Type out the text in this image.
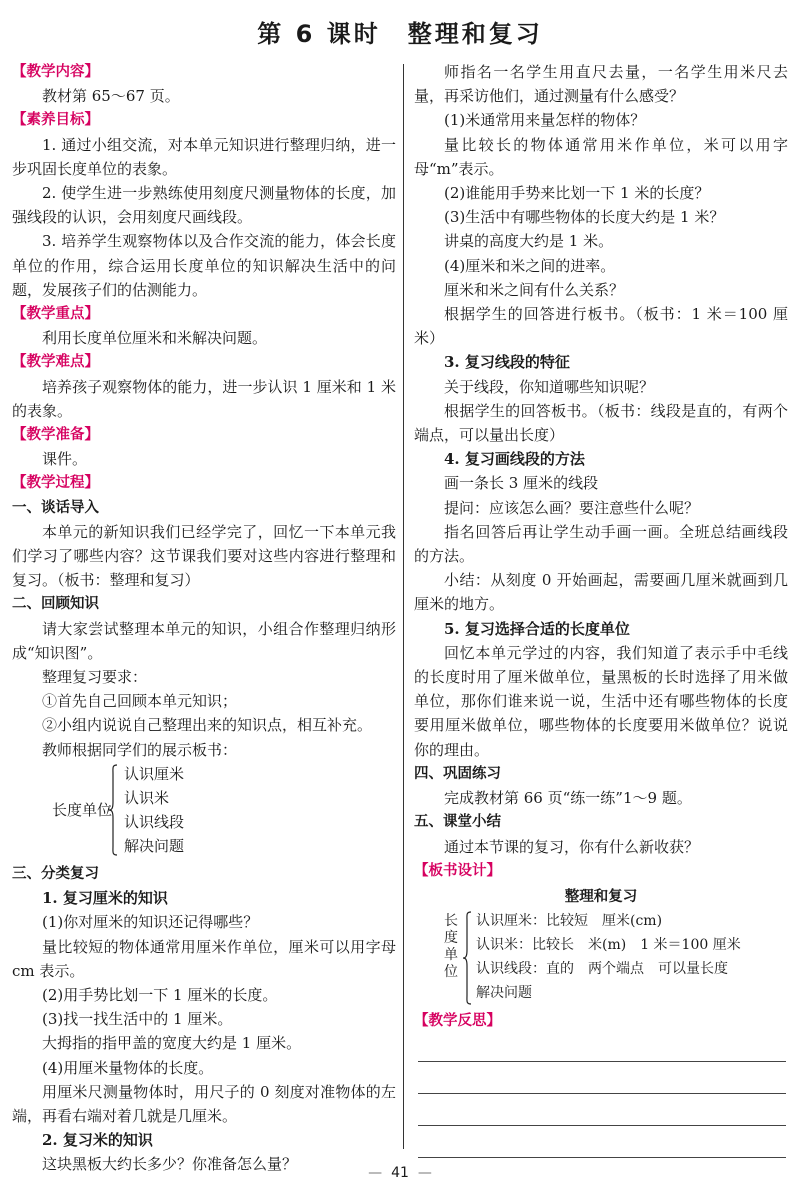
第 6 课时　整理和复习
【教学内容】

教材第 65～67 页。

【素养目标】

1. 通过小组交流，对本单元知识进行整理归纳，进一步巩固长度单位的表象。

2. 使学生进一步熟练使用刻度尺测量物体的长度，加强线段的认识，会用刻度尺画线段。

3. 培养学生观察物体以及合作交流的能力，体会长度单位的作用，综合运用长度单位的知识解决生活中的问题，发展孩子们的估测能力。

【教学重点】

利用长度单位厘米和米解决问题。

【教学难点】

培养孩子观察物体的能力，进一步认识 1 厘米和 1 米的表象。

【教学准备】

课件。

【教学过程】
一、谈话导入

本单元的新知识我们已经学完了，回忆一下本单元我们学习了哪些内容？这节课我们要对这些内容进行整理和复习。（板书：整理和复习）

二、回顾知识

请大家尝试整理本单元的知识，小组合作整理归纳形成“知识图”。

整理复习要求：

①首先自己回顾本单元知识；

②小组内说说自己整理出来的知识点，相互补充。

教师根据同学们的展示板书：

长度单位
认识厘米
认识米
认识线段
解决问题
三、分类复习

1. 复习厘米的知识

(1)你对厘米的知识还记得哪些？

量比较短的物体通常用厘米作单位，厘米可以用字母 cm 表示。

(2)用手势比划一下 1 厘米的长度。

(3)找一找生活中的 1 厘米。

大拇指的指甲盖的宽度大约是 1 厘米。

(4)用厘米量物体的长度。

用厘米尺测量物体时，用尺子的 0 刻度对准物体的左端，再看右端对着几就是几厘米。

2. 复习米的知识

这块黑板大约长多少？你准备怎么量？

师指名一名学生用直尺去量，一名学生用米尺去量，再采访他们，通过测量有什么感受？

(1)米通常用来量怎样的物体？

量比较长的物体通常用米作单位，米可以用字母“m”表示。

(2)谁能用手势来比划一下 1 米的长度？

(3)生活中有哪些物体的长度大约是 1 米？

讲桌的高度大约是 1 米。

(4)厘米和米之间的进率。

厘米和米之间有什么关系？

根据学生的回答进行板书。（板书：1 米＝100 厘米）

3. 复习线段的特征

关于线段，你知道哪些知识呢？

根据学生的回答板书。（板书：线段是直的，有两个端点，可以量出长度）

4. 复习画线段的方法

画一条长 3 厘米的线段

提问：应该怎么画？要注意些什么呢？

指名回答后再让学生动手画一画。全班总结画线段的方法。

小结：从刻度 0 开始画起，需要画几厘米就画到几厘米的地方。

5. 复习选择合适的长度单位

回忆本单元学过的内容，我们知道了表示手中毛线的长度时用了厘米做单位，量黑板的长时选择了用米做单位，那你们谁来说一说，生活中还有哪些物体的长度要用厘米做单位，哪些物体的长度要用米做单位？说说你的理由。

四、巩固练习

完成教材第 66 页“练一练”1～9 题。

五、课堂小结

通过本节课的复习，你有什么新收获？

【板书设计】
整理和复习
长度单位
认识厘米：比较短　厘米(cm)
认识米：比较长　米(m)　1 米＝100 厘米
认识线段：直的　两个端点　可以量长度
解决问题
【教学反思】
— 41 —
